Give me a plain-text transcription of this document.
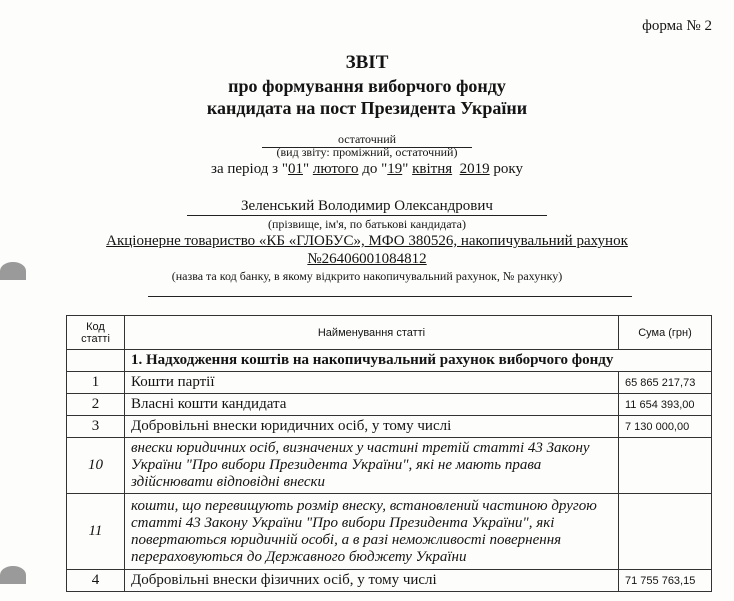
форма № 2
ЗВІТ
про формування виборчого фонду
кандидата на пост Президента України
остаточний
(вид звіту: проміжний, остаточний)
за період з "01" лютого до "19" квітня 2019 року
Зеленський Володимир Олександрович
(прізвище, ім'я, по батькові кандидата)
Акціонерне товариство «КБ «ГЛОБУС», МФО 380526, накопичувальний рахунок
№26406001084812
(назва та код банку, в якому відкрито накопичувальний рахунок, № рахунку)
Код статті	Найменування статті	Сума (грн)
	1. Надходження коштів на накопичувальний рахунок виборчого фонду	
1	Кошти партії	65 865 217,73
2	Власні кошти кандидата	11 654 393,00
3	Добровільні внески юридичних осіб, у тому числі	7 130 000,00
10	внески юридичних осіб, визначених у частині третій статті 43 Закону України "Про вибори Президента України", які не мають права здійснювати відповідні внески	
11	кошти, що перевищують розмір внеску, встановлений частиною другою статті 43 Закону України "Про вибори Президента України", які повертаються юридичній особі, а в разі неможливості повернення перераховуються до Державного бюджету України	
4	Добровільні внески фізичних осіб, у тому числі	71 755 763,15
